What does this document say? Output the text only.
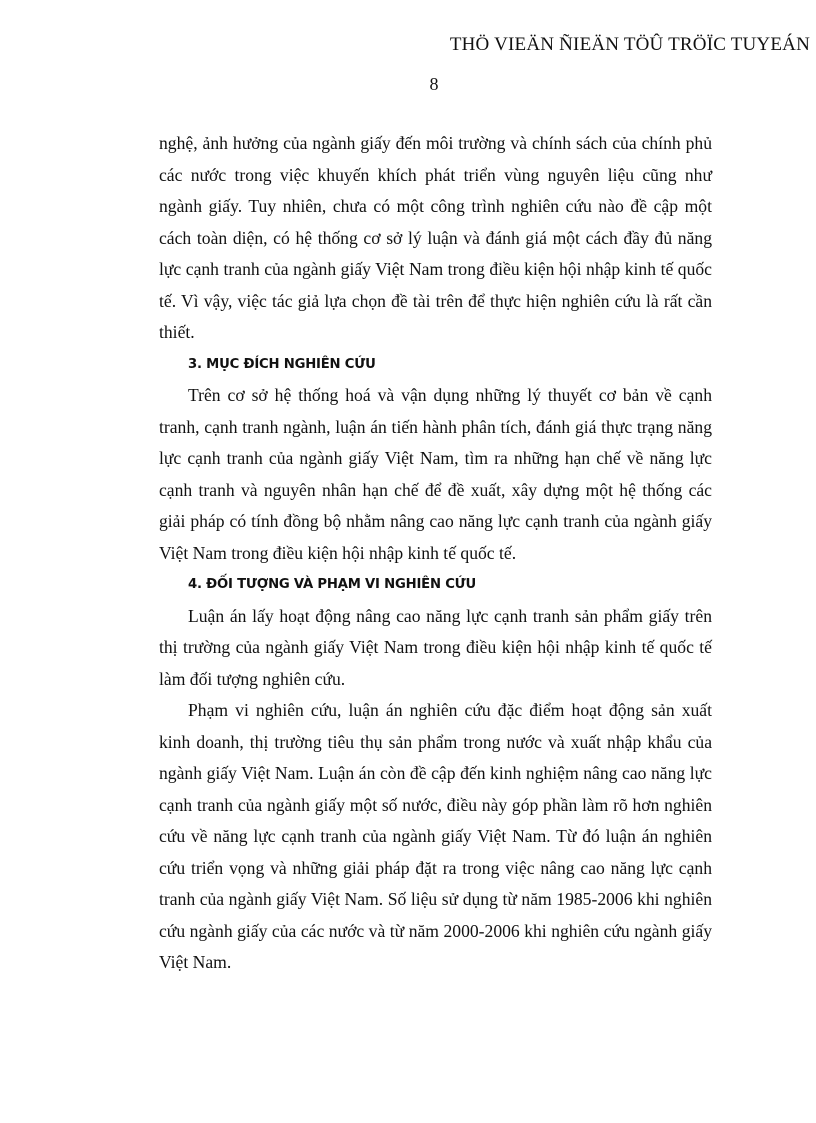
THÖ VIEÄN ÑIEÄN TÖÛ TRÖÏC TUYEÁN
8

nghệ, ảnh hưởng của ngành giấy đến môi trường và chính sách của chính phủ các nước trong việc khuyến khích phát triển vùng nguyên liệu cũng như ngành giấy. Tuy nhiên, chưa có một công trình nghiên cứu nào đề cập một cách toàn diện, có hệ thống cơ sở lý luận và đánh giá một cách đầy đủ năng lực cạnh tranh của ngành giấy Việt Nam trong điều kiện hội nhập kinh tế quốc tế. Vì vậy, việc tác giả lựa chọn đề tài trên để thực hiện nghiên cứu là rất cần thiết.

3. MỤC ĐÍCH NGHIÊN CỨU

Trên cơ sở hệ thống hoá và vận dụng những lý thuyết cơ bản về cạnh tranh, cạnh tranh ngành, luận án tiến hành phân tích, đánh giá thực trạng năng lực cạnh tranh của ngành giấy Việt Nam, tìm ra những hạn chế về năng lực cạnh tranh và nguyên nhân hạn chế để đề xuất, xây dựng một hệ thống các giải pháp có tính đồng bộ nhằm nâng cao năng lực cạnh tranh của ngành giấy Việt Nam trong điều kiện hội nhập kinh tế quốc tế.

4. ĐỐI TƯỢNG VÀ PHẠM VI NGHIÊN CỨU

Luận án lấy hoạt động nâng cao năng lực cạnh tranh sản phẩm giấy trên thị trường của ngành giấy Việt Nam trong điều kiện hội nhập kinh tế quốc tế làm đối tượng nghiên cứu.

Phạm vi nghiên cứu, luận án nghiên cứu đặc điểm hoạt động sản xuất kinh doanh, thị trường tiêu thụ sản phẩm trong nước và xuất nhập khẩu của ngành giấy Việt Nam. Luận án còn đề cập đến kinh nghiệm nâng cao năng lực cạnh tranh của ngành giấy một số nước, điều này góp phần làm rõ hơn nghiên cứu về năng lực cạnh tranh của ngành giấy Việt Nam. Từ đó luận án nghiên cứu triển vọng và những giải pháp đặt ra trong việc nâng cao năng lực cạnh tranh của ngành giấy Việt Nam. Số liệu sử dụng từ năm 1985-2006 khi nghiên cứu ngành giấy của các nước và từ năm 2000-2006 khi nghiên cứu ngành giấy Việt Nam.
